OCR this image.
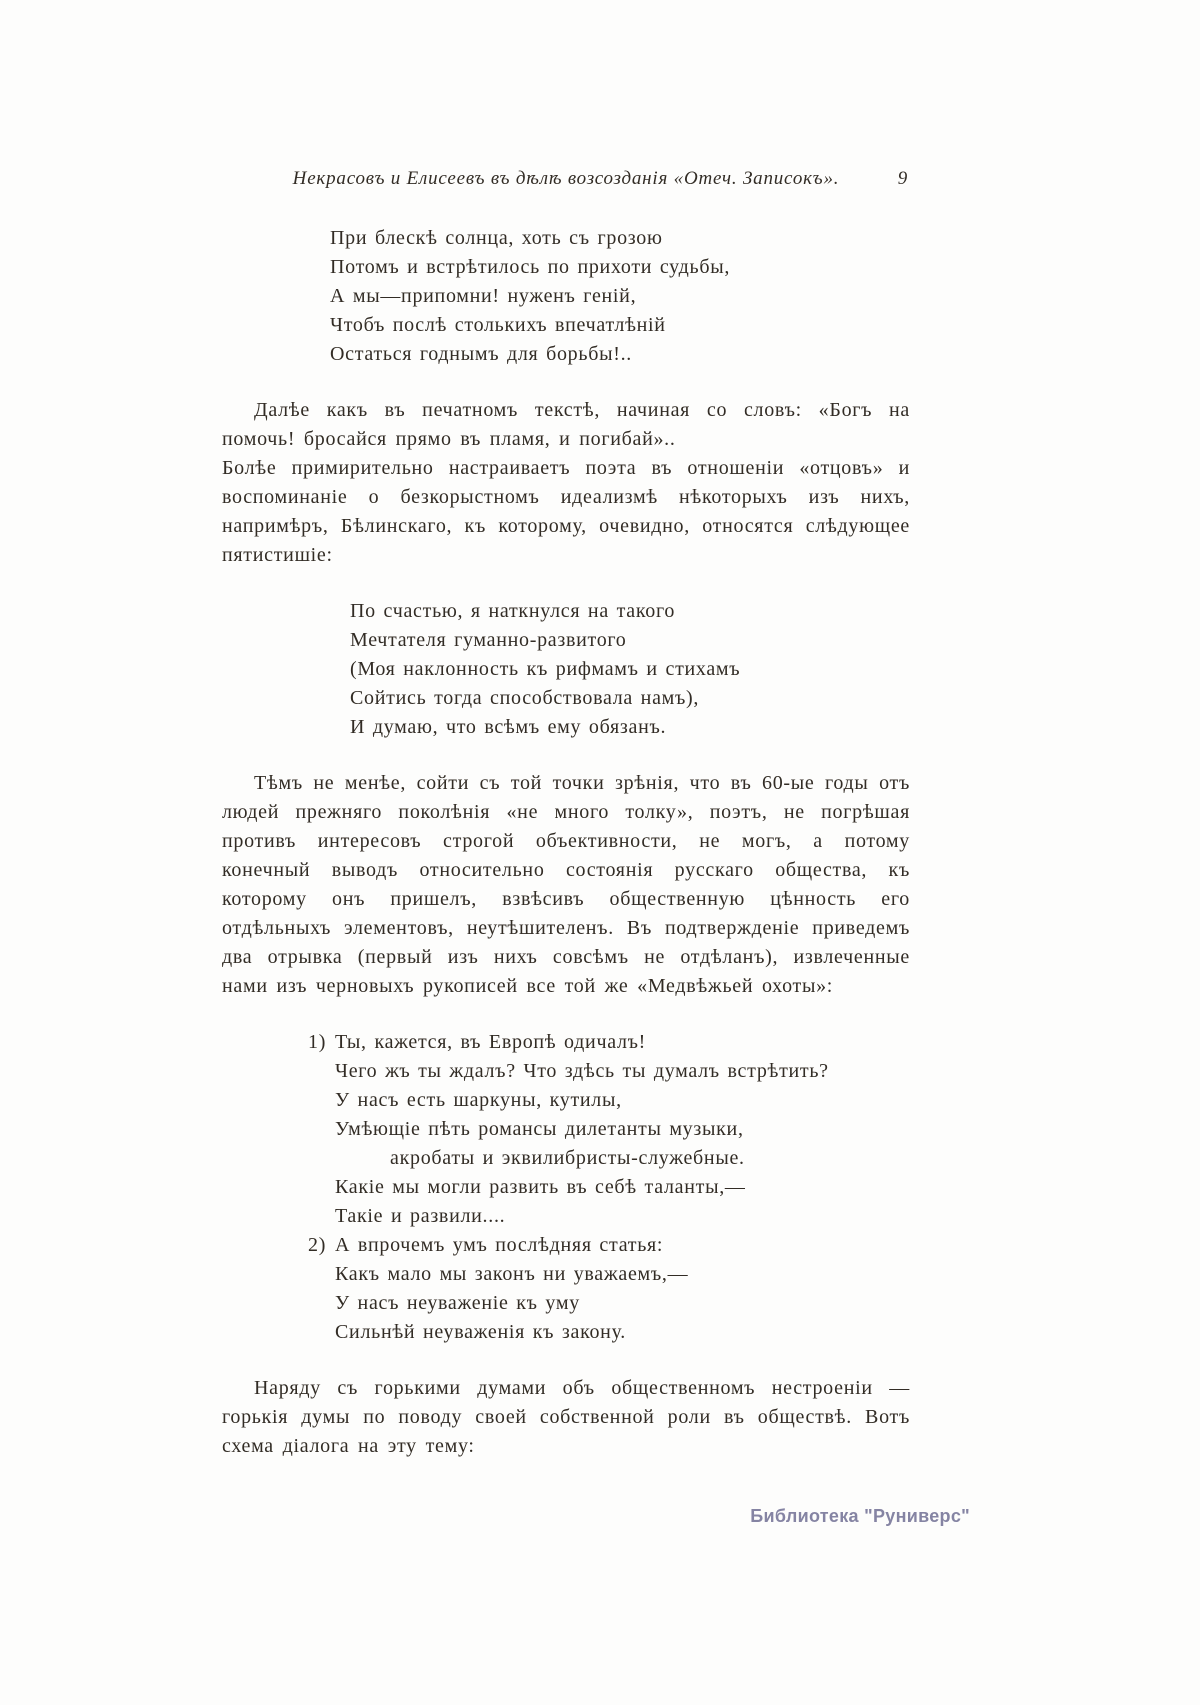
Некрасовъ и Елисеевъ въ дѣлѣ возсозданія «Отеч. Записокъ».	9
При блескѣ солнца, хоть съ грозою
Потомъ и встрѣтилось по прихоти судьбы,
А мы—припомни! нуженъ геній,
Чтобъ послѣ столькихъ впечатлѣній
Остаться годнымъ для борьбы!..

Далѣе какъ въ печатномъ текстѣ, начиная со словъ: «Богъ на помочь! бросайся прямо въ пламя, и погибай»..

Болѣе примирительно настраиваетъ поэта въ отношеніи «отцовъ» и воспоминаніе о безкорыстномъ идеализмѣ нѣкоторыхъ изъ нихъ, напримѣръ, Бѣлинскаго, къ которому, очевидно, относятся слѣдующее пятистишіе:

По счастью, я наткнулся на такого
Мечтателя гуманно-развитого
(Моя наклонность къ рифмамъ и стихамъ
Сойтись тогда способствовала намъ),
И думаю, что всѣмъ ему обязанъ.

Тѣмъ не менѣе, сойти съ той точки зрѣнія, что въ 60-ые годы отъ людей прежняго поколѣнія «не много толку», поэтъ, не погрѣшая противъ интересовъ строгой объективности, не могъ, а потому конечный выводъ относительно состоянія русскаго общества, къ которому онъ пришелъ, взвѣсивъ общественную цѣнность его отдѣльныхъ элементовъ, неутѣшителенъ. Въ подтвержденіе приведемъ два отрывка (первый изъ нихъ совсѣмъ не отдѣланъ), извлеченные нами изъ черновыхъ рукописей все той же «Медвѣжьей охоты»:

1) Ты, кажется, въ Европѣ одичалъ!
Чего жъ ты ждалъ? Что здѣсь ты думалъ встрѣтить?
У насъ есть шаркуны, кутилы,
Умѣющіе пѣть романсы дилетанты музыки,
акробаты и эквилибристы-служебные.
Какіе мы могли развить въ себѣ таланты,—
Такіе и развили....
2) А впрочемъ умъ послѣдняя статья:
Какъ мало мы законъ ни уважаемъ,—
У насъ неуваженіе къ уму
Сильнѣй неуваженія къ закону.

Наряду съ горькими думами объ общественномъ нестроеніи —горькія думы по поводу своей собственной роли въ обществѣ. Вотъ схема діалога на эту тему:

Библиотека "Руниверс"
